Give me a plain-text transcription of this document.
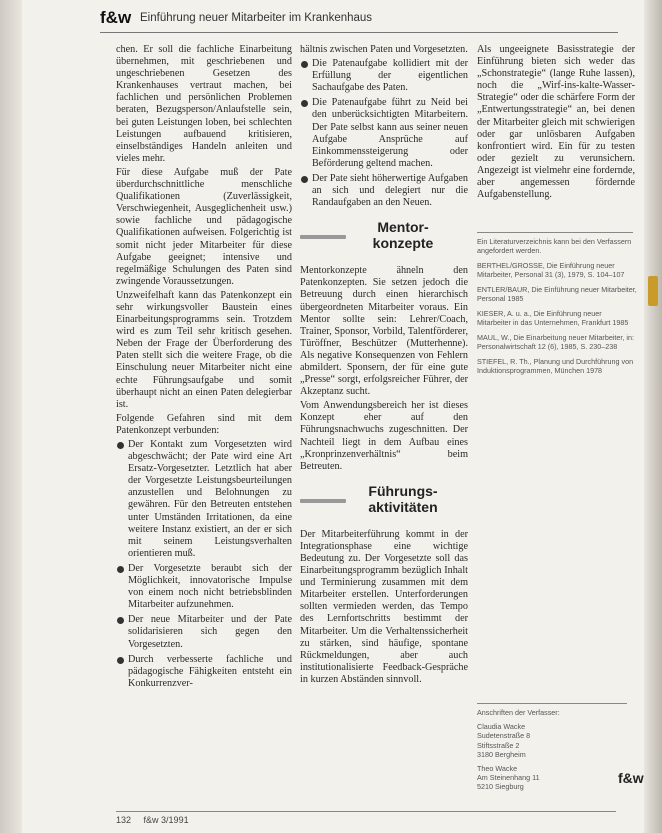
f&w Einführung neuer Mitarbeiter im Krankenhaus

chen. Er soll die fachliche Einarbeitung übernehmen, mit geschriebenen und ungeschriebenen Gesetzen des Krankenhauses vertraut machen, bei fachlichen und persönlichen Problemen beraten, Bezugsperson/Anlaufstelle sein, bei guten Leistungen loben, bei schlechten Leistungen aufbauend kritisieren, einselbständiges Handeln anleiten und vieles mehr.

Für diese Aufgabe muß der Pate überdurchschnittliche menschliche Qualifikationen (Zuverlässigkeit, Verschwiegenheit, Ausgeglichenheit usw.) sowie fachliche und pädagogische Qualifikationen aufweisen. Folgerichtig ist somit nicht jeder Mitarbeiter für diese Aufgabe geeignet; intensive und regelmäßige Schulungen des Paten sind zwingende Voraussetzungen.

Unzweifelhaft kann das Patenkonzept ein sehr wirkungsvoller Baustein eines Einarbeitungsprogramms sein. Trotzdem wird es zum Teil sehr kritisch gesehen. Neben der Frage der Überforderung des Paten stellt sich die weitere Frage, ob die Einschulung neuer Mitarbeiter nicht eine echte Führungsaufgabe und somit überhaupt nicht an einen Paten delegierbar ist.

Folgende Gefahren sind mit dem Patenkonzept verbunden:

Der Kontakt zum Vorgesetzten wird abgeschwächt; der Pate wird eine Art Ersatz-Vorgesetzter. Letztlich hat aber der Vorgesetzte Leistungsbeurteilungen anzustellen und Belohnungen zu gewähren. Für den Betreuten entstehen unter Umständen Irritationen, da eine weitere Instanz existiert, an der er sich mit seinem Leistungsverhalten orientieren muß.
Der Vorgesetzte beraubt sich der Möglichkeit, innovatorische Impulse von einem noch nicht betriebsblinden Mitarbeiter aufzunehmen.
Der neue Mitarbeiter und der Pate solidarisieren sich gegen den Vorgesetzten.
Durch verbesserte fachliche und pädagogische Fähigkeiten entsteht ein Konkurrenzver-

hältnis zwischen Paten und Vorgesetzten.

Die Patenaufgabe kollidiert mit der Erfüllung der eigentlichen Sachaufgabe des Paten.
Die Patenaufgabe führt zu Neid bei den unberücksichtigten Mitarbeitern. Der Pate selbst kann aus seiner neuen Aufgabe Ansprüche auf Einkommenssteigerung oder Beförderung geltend machen.
Der Pate sieht höherwertige Aufgaben an sich und delegiert nur die Randaufgaben an den Neuen.
Mentor-konzepte

Mentorkonzepte ähneln den Patenkonzepten. Sie setzen jedoch die Betreuung durch einen hierarchisch übergeordneten Mitarbeiter voraus. Ein Mentor sollte sein: Lehrer/Coach, Trainer, Sponsor, Vorbild, Talentförderer, Türöffner, Beschützer (Mutterhenne). Als negative Konsequenzen von Fehlern abmildert. Sponsern, der für eine gute „Presse“ sorgt, erfolgsreicher Führer, der Akzeptanz sucht.

Vom Anwendungsbereich her ist dieses Konzept eher auf den Führungsnachwuchs zugeschnitten. Der Nachteil liegt in dem Aufbau eines „Kronprinzenverhältnis“ beim Betreuten.

Führungs-aktivitäten

Der Mitarbeiterführung kommt in der Integrationsphase eine wichtige Bedeutung zu. Der Vorgesetzte soll das Einarbeitungsprogramm bezüglich Inhalt und Terminierung zusammen mit dem Mitarbeiter erstellen. Unterforderungen sollten vermieden werden, das Tempo des Lernfortschritts bestimmt der Mitarbeiter. Um die Verhaltenssicherheit zu stärken, sind häufige, spontane Rückmeldungen, aber auch institutionalisierte Feedback-Gespräche in kurzen Abständen sinnvoll.

Als ungeeignete Basisstrategie der Einführung bieten sich weder das „Schonstrategie“ (lange Ruhe lassen), noch die „Wirf-ins-kalte-Wasser-Strategie“ oder die schärfere Form der „Entwertungsstrategie“ an, bei denen der Mitarbeiter gleich mit schwierigen oder gar unlösbaren Aufgaben konfrontiert wird. Ein für zu testen oder gezielt zu verunsichern. Angezeigt ist vielmehr eine fordernde, aber angemessen fördernde Aufgabenstellung.

Ein Literaturverzeichnis kann bei den Verfassern angefordert werden.

BERTHEL/GROSSE, Die Einführung neuer Mitarbeiter, Personal 31 (3), 1979, S. 104–107

ENTLER/BAUR, Die Einführung neuer Mitarbeiter, Personal 1985

KIESER, A. u. a., Die Einführung neuer Mitarbeiter in das Unternehmen, Frankfurt 1985

MAUL, W., Die Einarbeitung neuer Mitarbeiter, in: Personalwirtschaft 12 (6), 1985, S. 230–238

STIEFEL, R. Th., Planung und Durchführung von Induktionsprogrammen, München 1978

Anschriften der Verfasser:

Claudia Wacke
Sudetenstraße 8
Stiftsstraße 2
3180 Bergheim

Theo Wacke
Am Steinenhang 11
5210 Siegburg

f&w
132 f&w 3/1991
